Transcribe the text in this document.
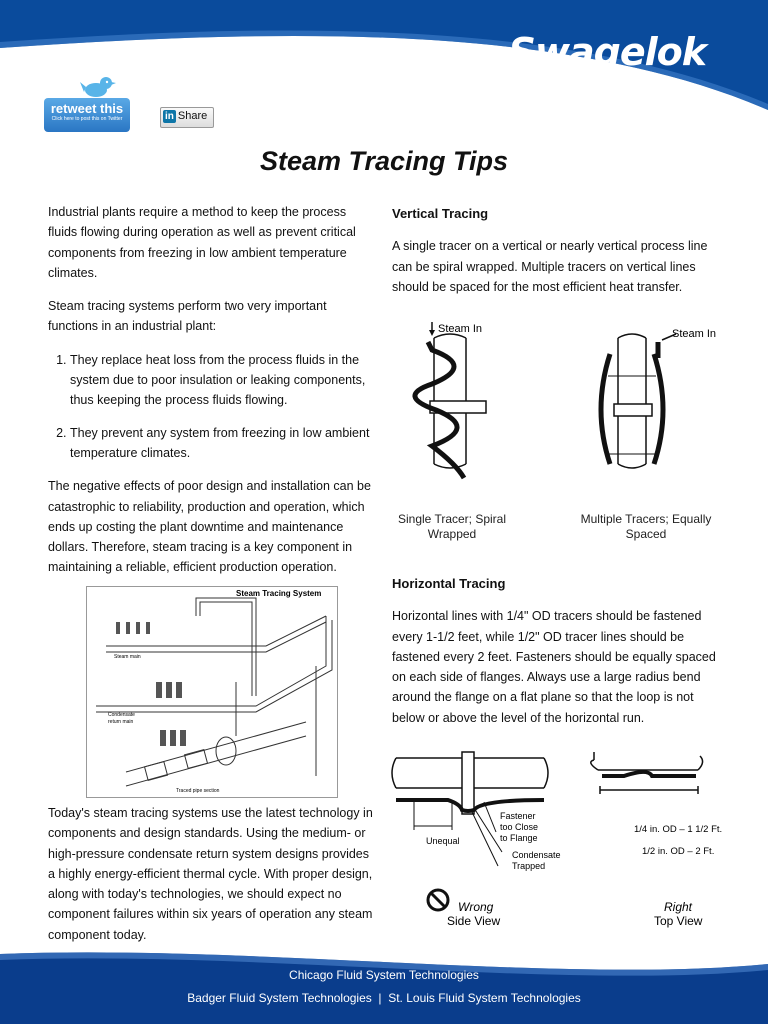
Swagelok
retweet this
Click here to post this on Twitter	in Share
Steam Tracing Tips

Industrial plants require a method to keep the process fluids flowing during operation as well as prevent critical components from freezing in low ambient temperature climates.

Steam tracing systems perform two very important functions in an industrial plant:

1. They replace heat loss from the process fluids in the system due to poor insulation or leaking components, thus keeping the process fluids flowing.
2. They prevent any system from freezing in low ambient temperature climates.

The negative effects of poor design and installation can be catastrophic to reliability, production and operation, which ends up costing the plant downtime and maintenance dollars. Therefore, steam tracing is a key component in maintaining a reliable, efficient production operation.

Steam Tracing System
Steam main
Condensate
return main
Traced pipe section

Today's steam tracing systems use the latest technology in components and design standards. Using the medium- or high-pressure condensate return system designs provides a highly energy-efficient thermal cycle. With proper design, along with today's technologies, we should expect no component failures within six years of operation any steam component today.

Vertical Tracing

A single tracer on a vertical or nearly vertical process line can be spiral wrapped. Multiple tracers on vertical lines should be spaced for the most efficient heat transfer.

Steam In	Steam In
Single Tracer; Spiral
Wrapped
Multiple Tracers; Equally
Spaced

Horizontal Tracing

Horizontal lines with 1/4" OD tracers should be fastened every 1-1/2 feet, while 1/2" OD tracer lines should be fastened every 2 feet. Fasteners should be equally spaced on each side of flanges. Always use a large radius bend around the flange on a flat plane so that the loop is not below or above the level of the horizontal run.

Fastener
too Close
to Flange
Unequal
Condensate
Trapped
1/4 in. OD – 1 1/2 Ft.
1/2 in. OD – 2 Ft.
Wrong
Side View
Right
Top View
Chicago Fluid System Technologies
Badger Fluid System Technologies  |  St. Louis Fluid System Technologies
